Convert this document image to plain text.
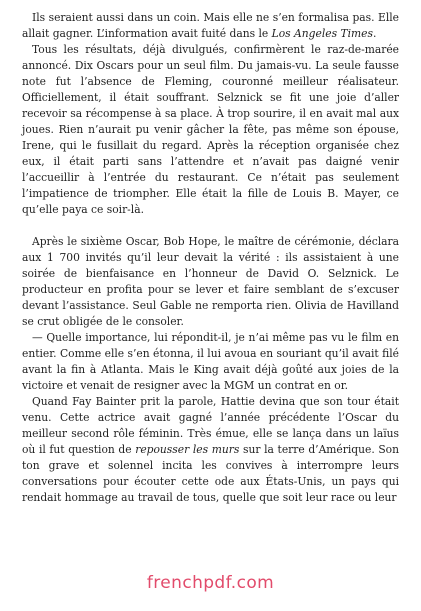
Ils seraient aussi dans un coin. Mais elle ne s’en formalisa pas. Elle allait gagner. L’information avait fuité dans le Los Angeles Times.

Tous les résultats, déjà divulgués, confirmèrent le raz-de-marée annoncé. Dix Oscars pour un seul film. Du jamais-vu. La seule fausse note fut l’absence de Fleming, couronné meilleur réalisateur. Officiellement, il était souffrant. Selznick se fit une joie d’aller recevoir sa récompense à sa place. À trop sourire, il en avait mal aux joues. Rien n’aurait pu venir gâcher la fête, pas même son épouse, Irene, qui le fusillait du regard. Après la réception organisée chez eux, il était parti sans l’attendre et n’avait pas daigné venir l’accueillir à l’entrée du restaurant. Ce n’était pas seulement l’impatience de triompher. Elle était la fille de Louis B. Mayer, ce qu’elle paya ce soir-là.

Après le sixième Oscar, Bob Hope, le maître de cérémonie, déclara aux 1 700 invités qu’il leur devait la vérité : ils assistaient à une soirée de bienfaisance en l’honneur de David O. Selznick. Le producteur en profita pour se lever et faire semblant de s’excuser devant l’assistance. Seul Gable ne remporta rien. Olivia de Havilland se crut obligée de le consoler.

— Quelle importance, lui répondit-il, je n’ai même pas vu le film en entier. Comme elle s’en étonna, il lui avoua en souriant qu’il avait filé avant la fin à Atlanta. Mais le King avait déjà goûté aux joies de la victoire et venait de resigner avec la MGM un contrat en or.

Quand Fay Bainter prit la parole, Hattie devina que son tour était venu. Cette actrice avait gagné l’année précédente l’Oscar du meilleur second rôle féminin. Très émue, elle se lança dans un laïus où il fut question de repousser les murs sur la terre d’Amérique. Son ton grave et solennel incita les convives à interrompre leurs conversations pour écouter cette ode aux États-Unis, un pays qui rendait hommage au travail de tous, quelle que soit leur race ou leur

frenchpdf.com
